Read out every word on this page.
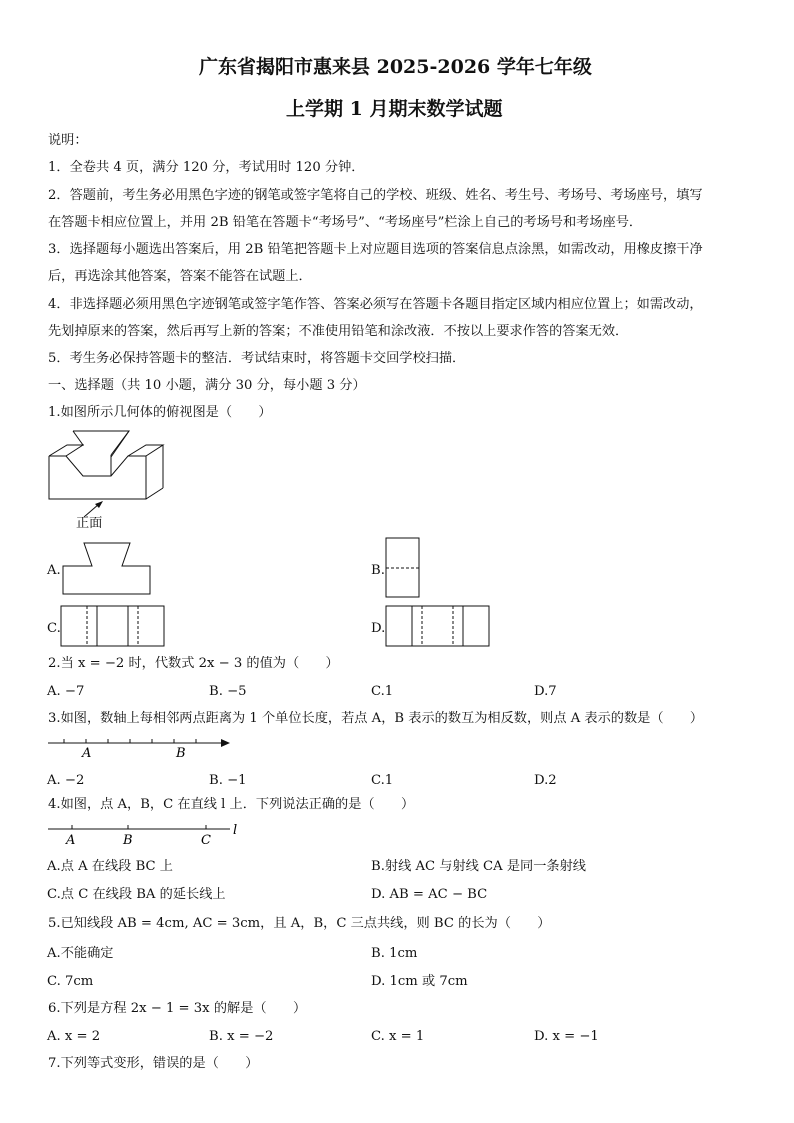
广东省揭阳市惠来县 2025-2026 学年七年级
上学期 1 月期末数学试题
说明：
1．全卷共 4 页，满分 120 分，考试用时 120 分钟．
2．答题前，考生务必用黑色字迹的钢笔或签字笔将自己的学校、班级、姓名、考生号、考场号、考场座号，填写
在答题卡相应位置上，并用 2B 铅笔在答题卡“考场号”、“考场座号”栏涂上自己的考场号和考场座号．
3．选择题每小题选出答案后，用 2B 铅笔把答题卡上对应题目选项的答案信息点涂黑，如需改动，用橡皮擦干净
后，再选涂其他答案，答案不能答在试题上．
4．非选择题必须用黑色字迹钢笔或签字笔作答、答案必须写在答题卡各题目指定区域内相应位置上；如需改动，
先划掉原来的答案，然后再写上新的答案；不准使用铅笔和涂改液．不按以上要求作答的答案无效．
5．考生务必保持答题卡的整洁．考试结束时，将答题卡交回学校扫描．
一、选择题（共 10 小题，满分 30 分，每小题 3 分）
1.如图所示几何体的俯视图是（　　）
正面
A.	B.
C.	D.
2.当 x = −2 时，代数式 2x − 3 的值为（　　）
A. −7	B. −5	C.1	D.7
3.如图，数轴上每相邻两点距离为 1 个单位长度，若点 A，B 表示的数互为相反数，则点 A 表示的数是（　　）
A	B
A. −2	B. −1	C.1	D.2
4.如图，点 A，B，C 在直线 l 上．下列说法正确的是（　　）
A	B	C
l
A.点 A 在线段 BC 上	B.射线 AC 与射线 CA 是同一条射线
C.点 C 在线段 BA 的延长线上	D. AB = AC − BC
5.已知线段 AB = 4cm, AC = 3cm，且 A，B，C 三点共线，则 BC 的长为（　　）
A.不能确定	B. 1cm
C. 7cm	D. 1cm 或 7cm
6.下列是方程 2x − 1 = 3x 的解是（　　）
A. x = 2	B. x = −2	C. x = 1	D. x = −1
7.下列等式变形，错误的是（　　）
